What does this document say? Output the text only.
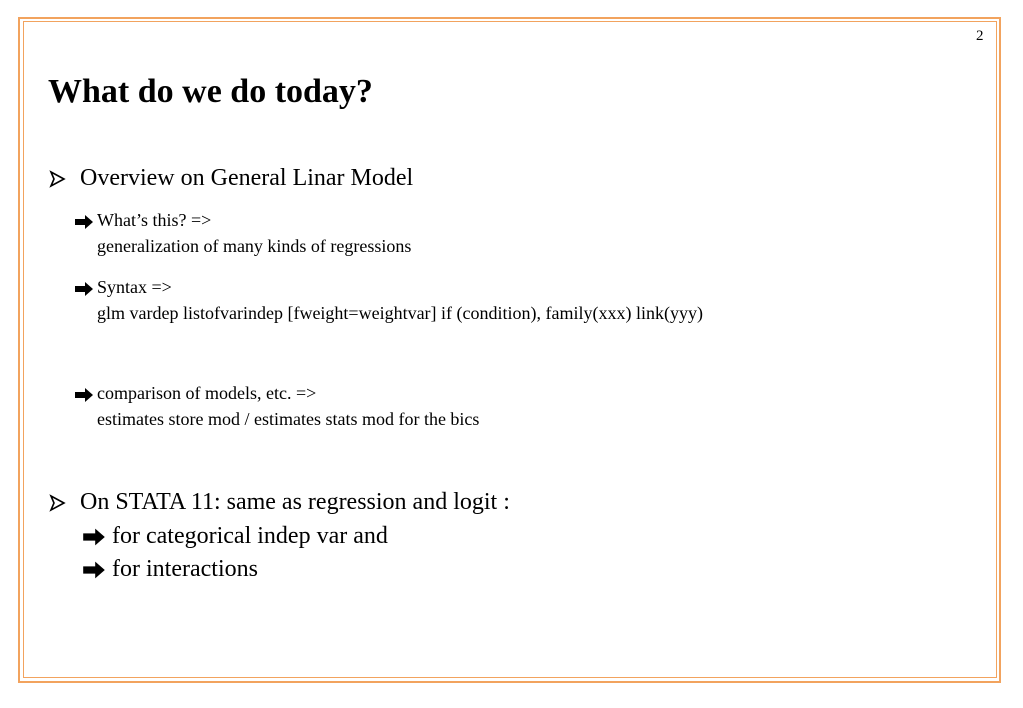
2
What do we do today?
Overview on General Linar Model
What’s this? =>
generalization of many kinds of regressions
Syntax =>
glm vardep listofvarindep [fweight=weightvar] if (condition), family(xxx) link(yyy)
comparison of models, etc. =>
estimates store mod / estimates stats mod for the bics
On STATA 11: same as regression and logit :
for categorical indep var and
for interactions
